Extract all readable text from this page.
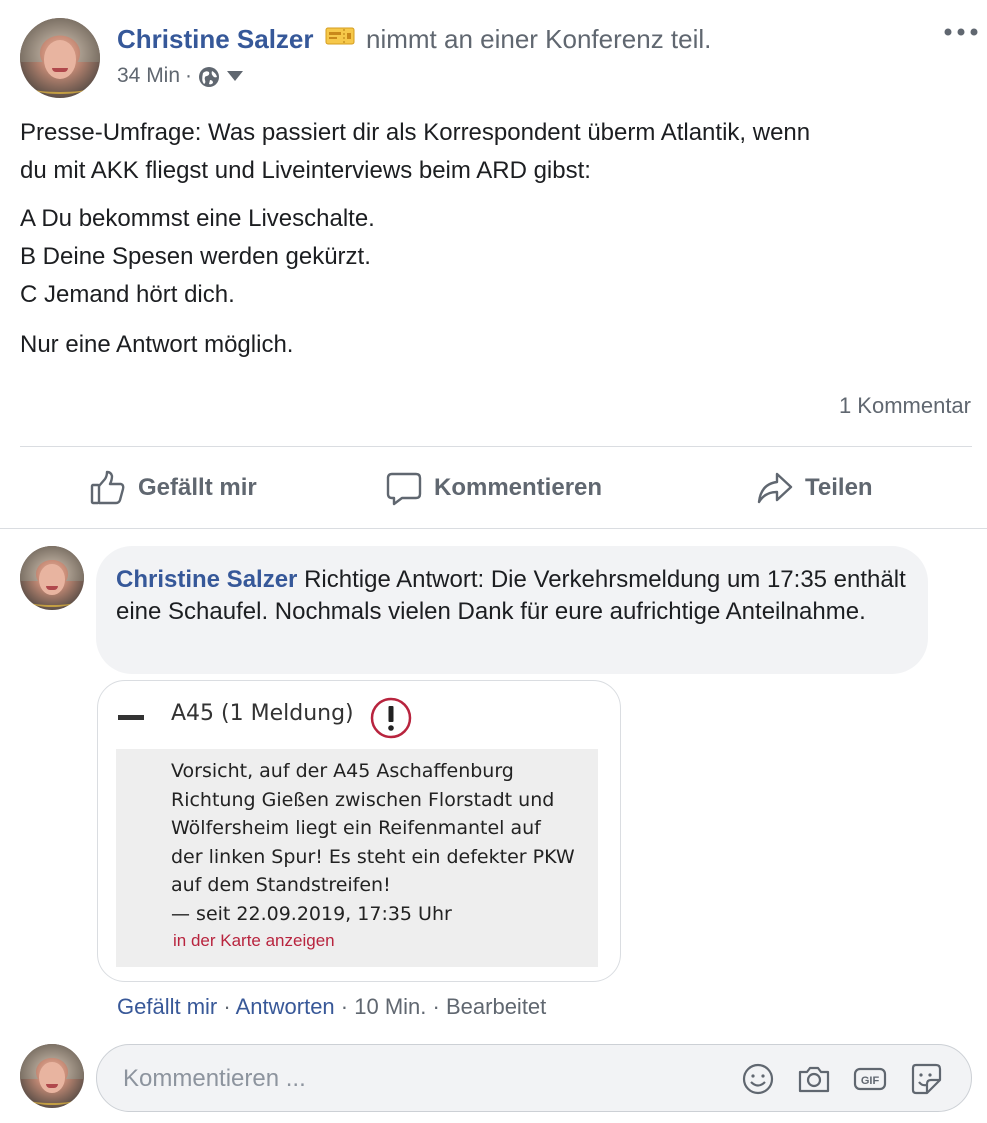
Christine Salzer nimmt an einer Konferenz teil.
34 Min ·
Presse-Umfrage: Was passiert dir als Korrespondent überm Atlantik, wenn
du mit AKK fliegst und Liveinterviews beim ARD gibst:
A Du bekommst eine Liveschalte.
B Deine Spesen werden gekürzt.
C Jemand hört dich.
Nur eine Antwort möglich.
1 Kommentar
Gefällt mir	Kommentieren	Teilen
Christine Salzer Richtige Antwort: Die Verkehrsmeldung um 17:35 enthält eine Schaufel. Nochmals vielen Dank für eure aufrichtige Anteilnahme.
A45 (1 Meldung)
Vorsicht, auf der A45 Aschaffenburg
Richtung Gießen zwischen Florstadt und
Wölfersheim liegt ein Reifenmantel auf
der linken Spur! Es steht ein defekter PKW
auf dem Standstreifen!
— seit 22.09.2019, 17:35 Uhr
in der Karte anzeigen
Gefällt mir · Antworten · 10 Min. · Bearbeitet
Kommentieren ...
GIF
